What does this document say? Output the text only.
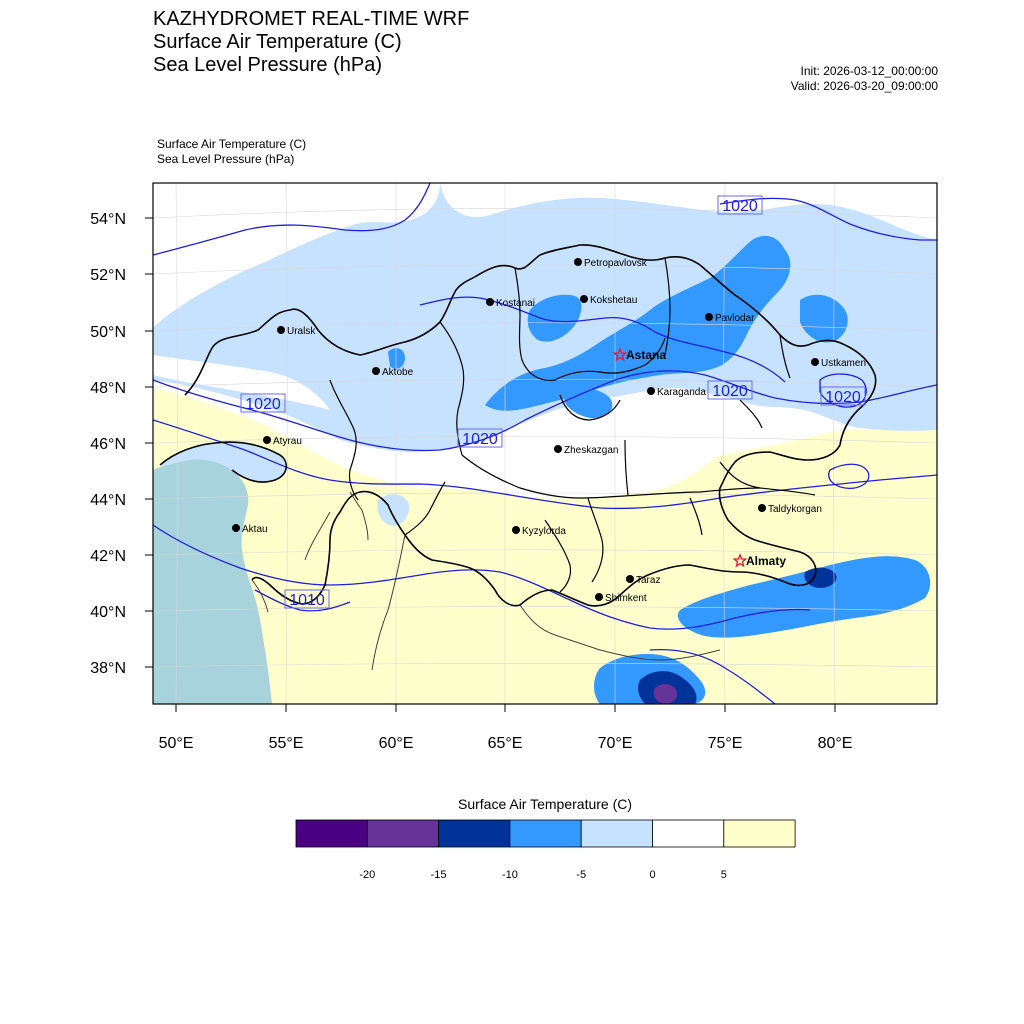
KAZHYDROMET REAL-TIME WRF
Surface Air Temperature (C)
Sea Level Pressure (hPa)	Init: 2026-03-12_00:00:00
Valid: 2026-03-20_09:00:00
Surface Air Temperature (C)
Sea Level Pressure (hPa)
54°N
52°N
50°N
48°N
46°N
44°N
42°N
40°N
38°N
50°E	55°E	60°E	65°E	70°E	75°E	80°E
1020
1020
1020
1020	1020
1010
Petropavlovsk
Kostanai	Kokshetau
Pavlodar
Uralsk
Aktobe
Astana
Karaganda
Ustkamen
Atyrau
Zheskazgan
Aktau	Kyzylorda
Taldykorgan
Almaty
Taraz
Shimkent
-20	-15	-10	-5	0	5
Surface Air Temperature (C)
